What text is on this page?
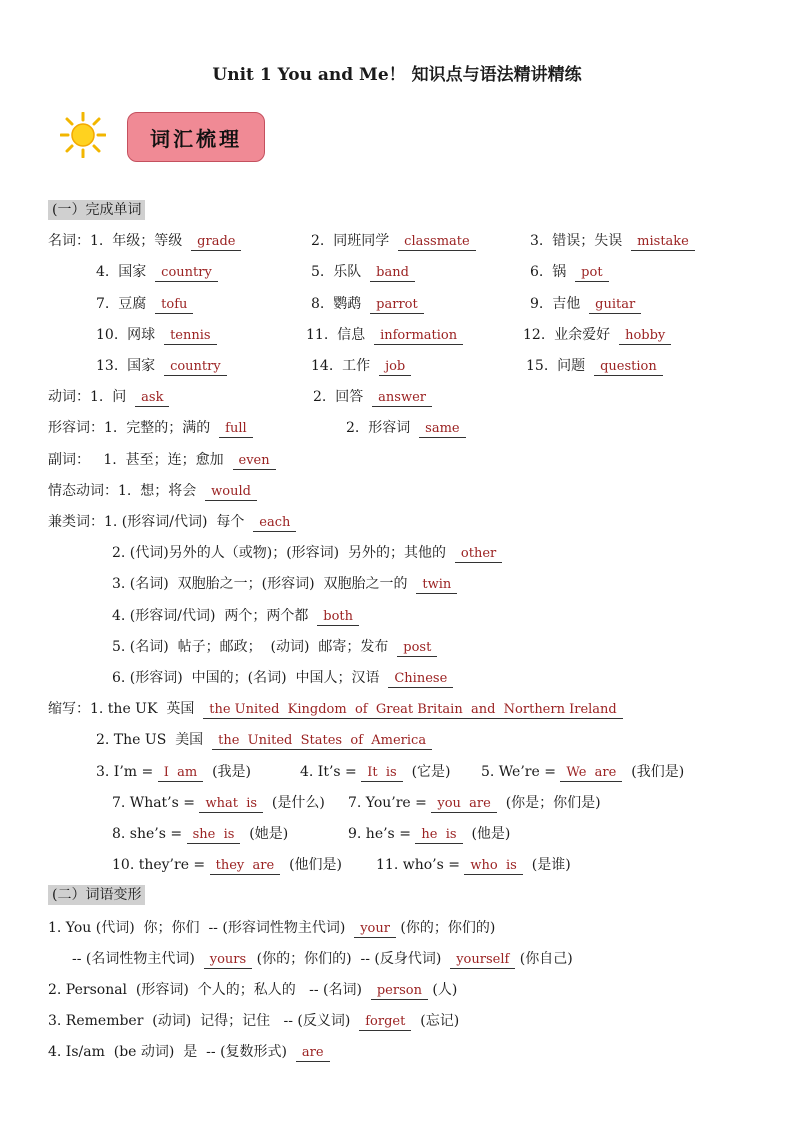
Unit 1 You and Me！ 知识点与语法精讲精练
词汇梳理
(一）完成单词
(二）词语变形
名词：1.  年级；等级  grade	2.  同班同学  classmate	3.  错误；失误  mistake
4.  国家  country	5.  乐队  band	6.  锅  pot
7.  豆腐  tofu	8.  鹦鹉  parrot	9.  吉他  guitar
10.  网球  tennis	11.  信息  information	12.  业余爱好  hobby
13.  国家  country	14.  工作  job	15.  问题  question
动词：1.  问  ask	2.  回答  answer
形容词：1.  完整的；满的  full	2.  形容词  same
副词：   1.  甚至；连；愈加  even
情态动词：1.  想；将会  would
兼类词：1. (形容词/代词)  每个  each
2. (代词)另外的人（或物)；(形容词)  另外的；其他的  other
3. (名词)  双胞胎之一；(形容词)  双胞胎之一的  twin
4. (形容词/代词)  两个；两个都  both
5. (名词)  帖子；邮政；  (动词)  邮寄；发布  post
6. (形容词)  中国的；(名词)  中国人；汉语  Chinese
缩写：1. the UK  英国  the United  Kingdom  of  Great Britain  and  Northern Ireland
2. The US  美国  the  United  States  of  America
3. I’m = I  am  (我是)	4. It’s = It  is  (它是) 5. We’re = We  are  (我们是)
7. What’s = what  is  (是什么) 7. You’re = you  are  (你是；你们是)
8. she’s = she  is  (她是)	9. he’s = he  is  (他是)
10. they’re = they  are  (他们是) 11. who’s = who  is  (是谁)
1. You (代词)  你；你们  -- (形容词性物主代词)  your (你的；你们的)
-- (名词性物主代词)  yours (你的；你们的)  -- (反身代词)  yourself (你自己)
2. Personal  (形容词)  个人的；私人的   -- (名词)  person (人)
3. Remember  (动词)  记得；记住   -- (反义词)  forget  (忘记)
4. Is/am  (be 动词)  是  -- (复数形式)  are
